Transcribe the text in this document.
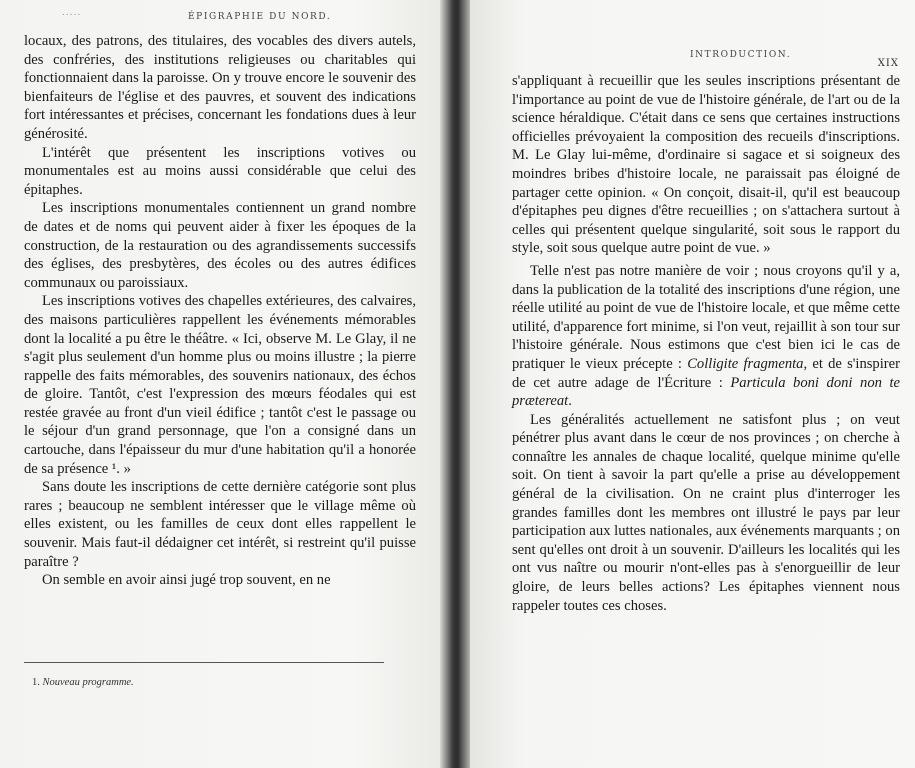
.....	ÉPIGRAPHIE DU NORD.

locaux, des patrons, des titulaires, des vocables des divers autels, des confréries, des institutions religieuses ou charitables qui fonctionnaient dans la paroisse. On y trouve encore le souvenir des bienfaiteurs de l'église et des pauvres, et souvent des indications fort intéressantes et précises, concernant les fondations dues à leur générosité.

L'intérêt que présentent les inscriptions votives ou monumentales est au moins aussi considérable que celui des épitaphes.

Les inscriptions monumentales contiennent un grand nombre de dates et de noms qui peuvent aider à fixer les époques de la construction, de la restauration ou des agrandissements successifs des églises, des presbytères, des écoles ou des autres édifices communaux ou paroissiaux.

Les inscriptions votives des chapelles extérieures, des calvaires, des maisons particulières rappellent les événements mémorables dont la localité a pu être le théâtre. « Ici, observe M. Le Glay, il ne s'agit plus seulement d'un homme plus ou moins illustre ; la pierre rappelle des faits mémorables, des souvenirs nationaux, des échos de gloire. Tantôt, c'est l'expression des mœurs féodales qui est restée gravée au front d'un vieil édifice ; tantôt c'est le passage ou le séjour d'un grand personnage, que l'on a consigné dans un cartouche, dans l'épaisseur du mur d'une habitation qu'il a honorée de sa présence ¹. »

Sans doute les inscriptions de cette dernière catégorie sont plus rares ; beaucoup ne semblent intéresser que le village même où elles existent, ou les familles de ceux dont elles rappellent le souvenir. Mais faut-il dédaigner cet intérêt, si restreint qu'il puisse paraître ?

On semble en avoir ainsi jugé trop souvent, en ne

1. Nouveau programme.
INTRODUCTION.
XIX

s'appliquant à recueillir que les seules inscriptions présentant de l'importance au point de vue de l'histoire générale, de l'art ou de la science héraldique. C'était dans ce sens que certaines instructions officielles prévoyaient la composition des recueils d'inscriptions. M. Le Glay lui-même, d'ordinaire si sagace et si soigneux des moindres bribes d'histoire locale, ne paraissait pas éloigné de partager cette opinion. « On conçoit, disait-il, qu'il est beaucoup d'épitaphes peu dignes d'être recueillies ; on s'attachera surtout à celles qui présentent quelque singularité, soit sous le rapport du style, soit sous quelque autre point de vue. »

Telle n'est pas notre manière de voir ; nous croyons qu'il y a, dans la publication de la totalité des inscriptions d'une région, une réelle utilité au point de vue de l'histoire locale, et que même cette utilité, d'apparence fort minime, si l'on veut, rejaillit à son tour sur l'histoire générale. Nous estimons que c'est bien ici le cas de pratiquer le vieux précepte : Colligite fragmenta, et de s'inspirer de cet autre adage de l'Écriture : Particula boni doni non te prætereat.

Les généralités actuellement ne satisfont plus ; on veut pénétrer plus avant dans le cœur de nos provinces ; on cherche à connaître les annales de chaque localité, quelque minime qu'elle soit. On tient à savoir la part qu'elle a prise au développement général de la civilisation. On ne craint plus d'interroger les grandes familles dont les membres ont illustré le pays par leur participation aux luttes nationales, aux événements marquants ; on sent qu'elles ont droit à un souvenir. D'ailleurs les localités qui les ont vus naître ou mourir n'ont-elles pas à s'enorgueillir de leur gloire, de leurs belles actions? Les épitaphes viennent nous rappeler toutes ces choses.
